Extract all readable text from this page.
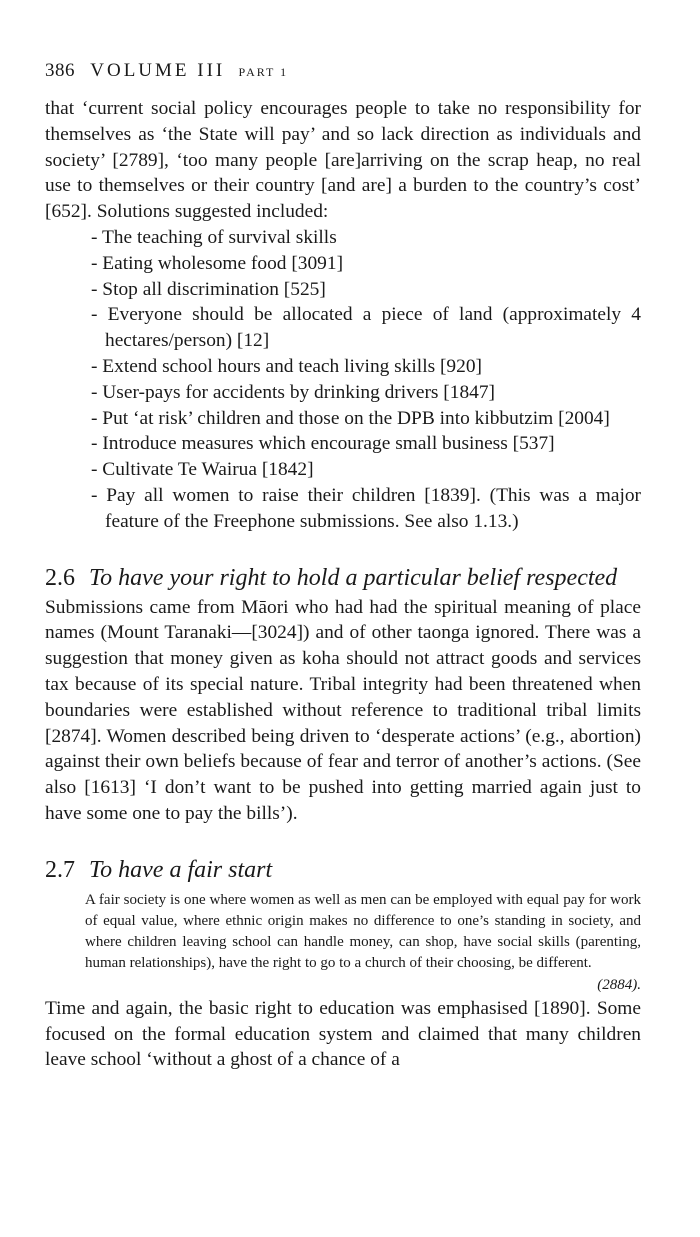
386 VOLUME III PART 1

that ‘current social policy encourages people to take no responsibility for themselves as ‘the State will pay’ and so lack direction as individuals and society’ [2789], ‘too many people [are]arriving on the scrap heap, no real use to themselves or their country [and are] a burden to the country’s cost’ [652]. Solutions suggested included:

- The teaching of survival skills
- Eating wholesome food [3091]
- Stop all discrimination [525]
- Everyone should be allocated a piece of land (approximately 4 hectares/person) [12]
- Extend school hours and teach living skills [920]
- User-pays for accidents by drinking drivers [1847]
- Put ‘at risk’ children and those on the DPB into kibbutzim [2004]
- Introduce measures which encourage small business [537]
- Cultivate Te Wairua [1842]
- Pay all women to raise their children [1839]. (This was a major feature of the Freephone submissions. See also 1.13.)
2.6 To have your right to hold a particular belief respected

Submissions came from Māori who had had the spiritual meaning of place names (Mount Taranaki—[3024]) and of other taonga ignored. There was a suggestion that money given as koha should not attract goods and services tax because of its special nature. Tribal integrity had been threatened when boundaries were established without reference to traditional tribal limits [2874]. Women described being driven to ‘desperate actions’ (e.g., abortion) against their own beliefs because of fear and terror of another’s actions. (See also [1613] ‘I don’t want to be pushed into getting married again just to have some one to pay the bills’).

2.7 To have a fair start
A fair society is one where women as well as men can be employed with equal pay for work of equal value, where ethnic origin makes no difference to one’s standing in society, and where children leaving school can handle money, can shop, have social skills (parenting, human relationships), have the right to go to a church of their choosing, be different.
(2884).

Time and again, the basic right to education was emphasised [1890]. Some focused on the formal education system and claimed that many children leave school ‘without a ghost of a chance of a
